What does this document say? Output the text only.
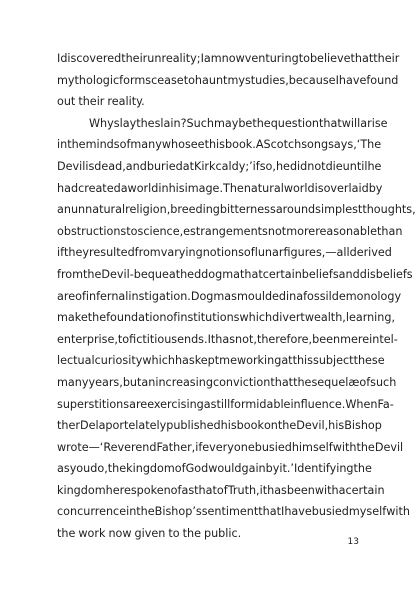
I discovered their unreality; I am now venturing to believe that their
mythologic forms cease to haunt my studies, because I have found
out their reality.
Why slay the slain? Such may be the question that will arise
in the minds of many who see this book. A Scotch song says, ‘The
Devil is dead, and buried at Kirkcaldy;’ if so, he did not die until he
had created a world in his image. The natural world is overlaid by
an unnatural religion, breeding bitterness around simplest thoughts,
obstructions to science, estrangements not more reasonable than
if they resulted from varying notions of lunar figures,—all derived
from the Devil-bequeathed dogma that certain beliefs and disbeliefs
are of infernal instigation. Dogmas moulded in a fossil demonology
make the foundation of institutions which divert wealth, learning,
enterprise, to fictitious ends. It has not, therefore, been mere intel-
lectual curiosity which has kept me working at this subject these
many years, but an increasing conviction that the sequelæ of such
superstitions are exercising a still formidable influence. When Fa-
ther Delaporte lately published his book on the Devil, his Bishop
wrote—‘Reverend Father, if every one busied himself with the Devil
as you do, the kingdom of God would gain by it.’ Identifying the
kingdom here spoken of as that of Truth, it has been with a certain
concurrence in the Bishop’s sentiment that I have busied myself with
the work now given to the public.
13
